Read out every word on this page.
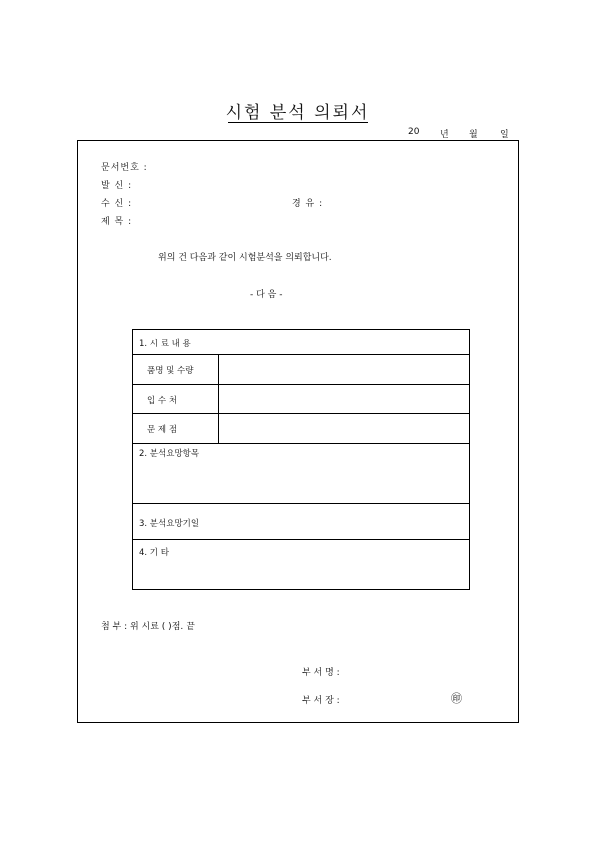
시험 분석 의뢰서
20 년 월 일
문서번호 :
발 신 :
수 신 :	경 유 :
제 목 :
위의 건 다음과 같이 시험분석을 의뢰합니다.
- 다 음 -
1. 시 료 내 용
품명 및 수량
입 수 처
문 제 점
2. 분석요망항목
3. 분석요망기일
4. 기 타
첨 부 : 위 시료 ( )점. 끝
부 서 명 :
부 서 장 :	㊞
